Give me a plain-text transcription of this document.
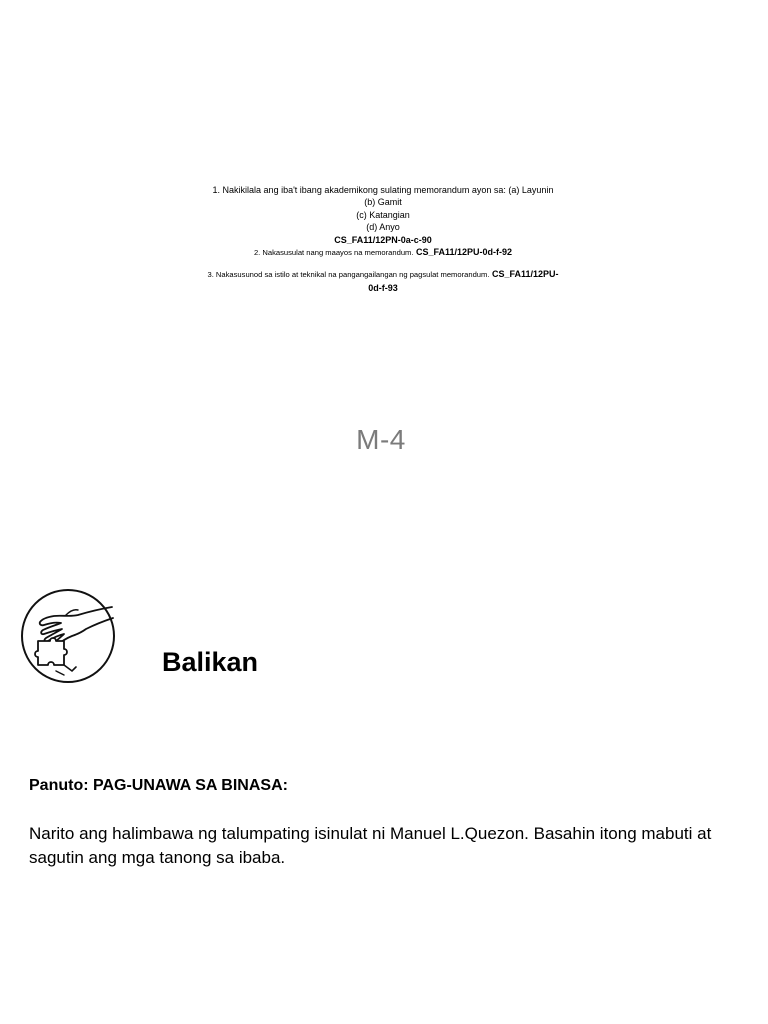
1. Nakikilala ang iba't ibang akademikong sulating memorandum ayon sa: (a) Layunin
(b) Gamit
(c) Katangian
(d) Anyo
CS_FA11/12PN-0a-c-90
2. Nakasusulat nang maayos na memorandum. CS_FA11/12PU-0d-f-92
3. Nakasusunod sa istilo at teknikal na pangangailangan ng pagsulat memorandum. CS_FA11/12PU-
0d-f-93
M-4
Balikan
Panuto: PAG-UNAWA SA BINASA:
Narito ang halimbawa ng talumpating isinulat ni Manuel L.Quezon. Basahin itong mabuti at sagutin ang mga tanong sa ibaba.
